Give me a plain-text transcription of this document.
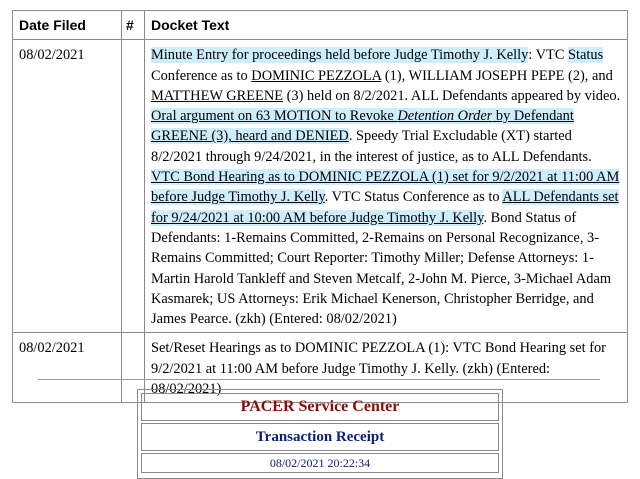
Date Filed	#	Docket Text
08/02/2021		Minute Entry for proceedings held before Judge Timothy J. Kelly: VTC Status Conference as to DOMINIC PEZZOLA (1), WILLIAM JOSEPH PEPE (2), and MATTHEW GREENE (3) held on 8/2/2021. ALL Defendants appeared by video. Oral argument on 63 MOTION to Revoke Detention Order by Defendant GREENE (3), heard and DENIED. Speedy Trial Excludable (XT) started 8/2/2021 through 9/24/2021, in the interest of justice, as to ALL Defendants. VTC Bond Hearing as to DOMINIC PEZZOLA (1) set for 9/2/2021 at 11:00 AM before Judge Timothy J. Kelly. VTC Status Conference as to ALL Defendants set for 9/24/2021 at 10:00 AM before Judge Timothy J. Kelly. Bond Status of Defendants: 1-Remains Committed, 2-Remains on Personal Recognizance, 3-Remains Committed; Court Reporter: Timothy Miller; Defense Attorneys: 1-Martin Harold Tankleff and Steven Metcalf, 2-John M. Pierce, 3-Michael Adam Kasmarek; US Attorneys: Erik Michael Kenerson, Christopher Berridge, and James Pearce. (zkh) (Entered: 08/02/2021)
08/02/2021		Set/Reset Hearings as to DOMINIC PEZZOLA (1): VTC Bond Hearing set for 9/2/2021 at 11:00 AM before Judge Timothy J. Kelly. (zkh) (Entered: 08/02/2021)
PACER Service Center
Transaction Receipt
08/02/2021 20:22:34
